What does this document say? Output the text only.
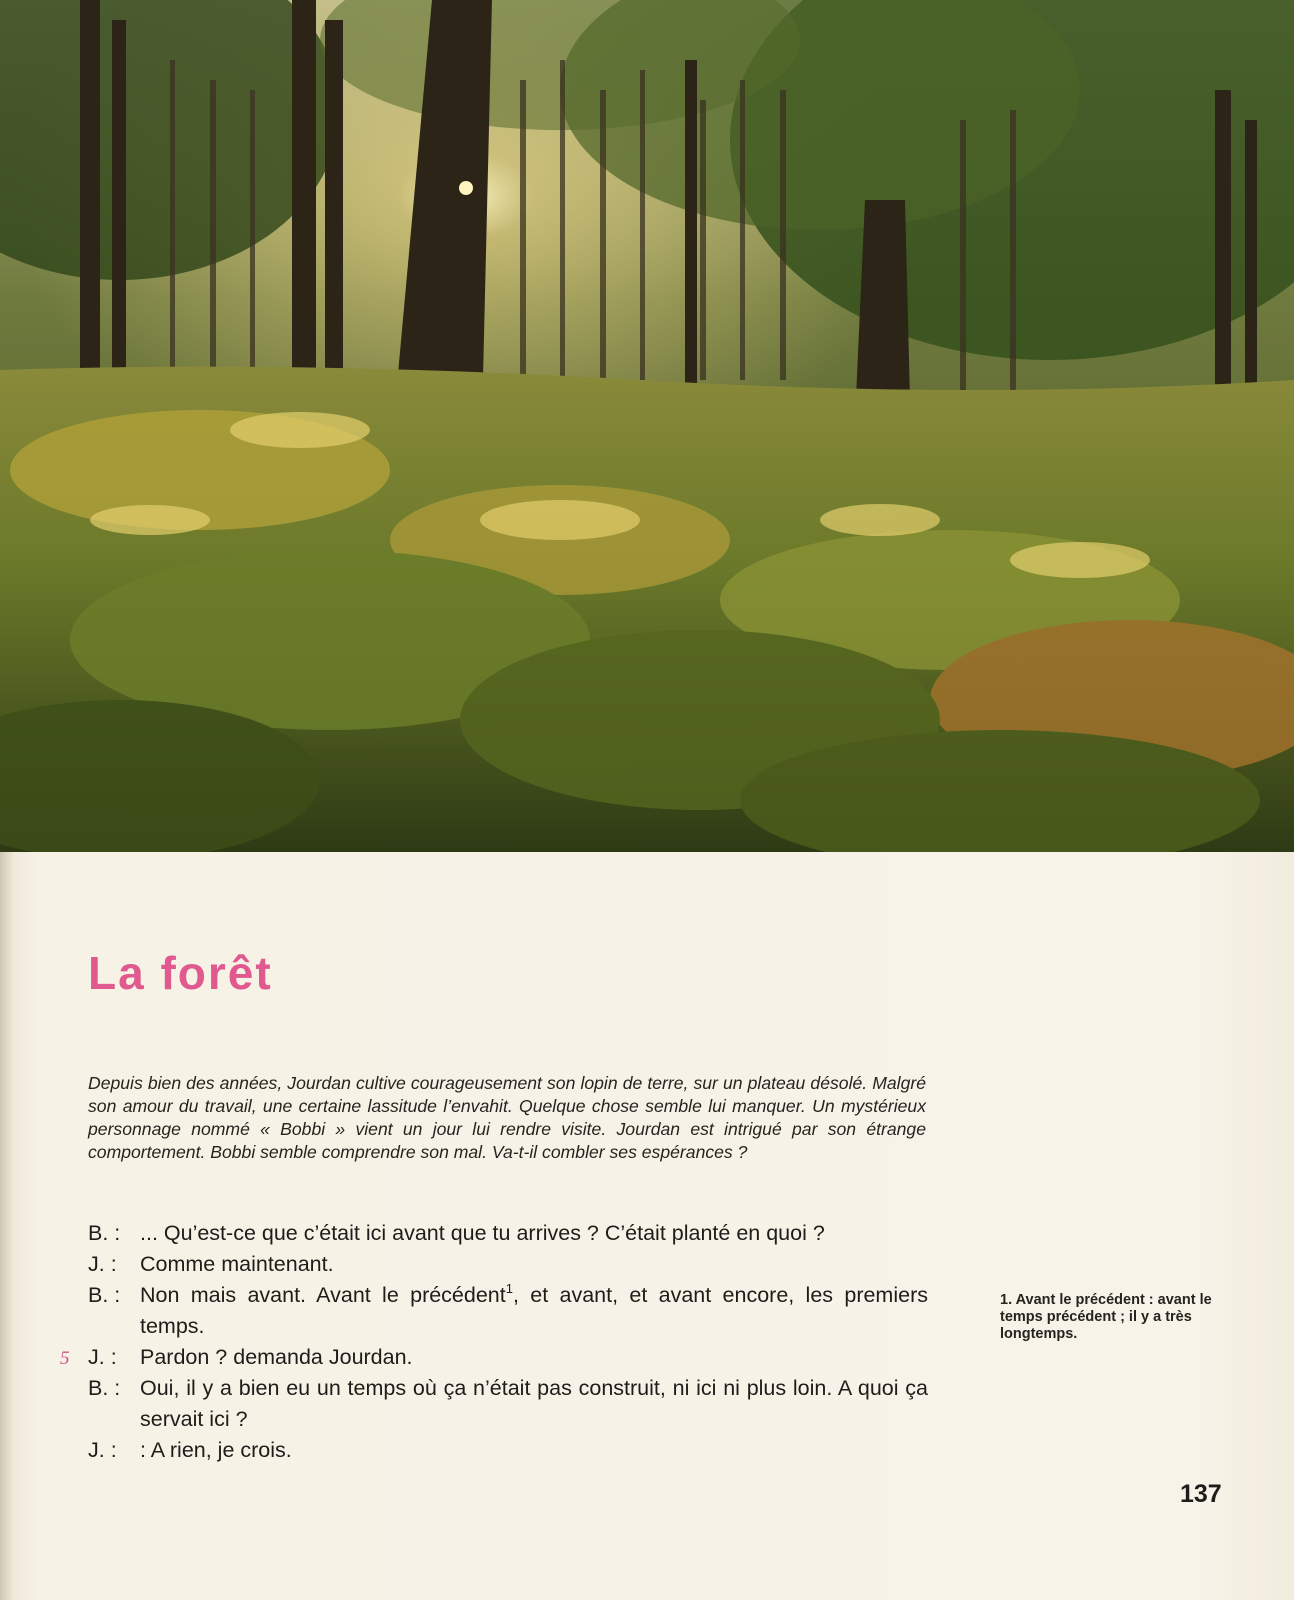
La forêt

Depuis bien des années, Jourdan cultive courageusement son lopin de terre, sur un plateau désolé. Malgré son amour du travail, une certaine lassitude l’envahit. Quelque chose semble lui manquer. Un mystérieux personnage nommé « Bobbi » vient un jour lui rendre visite. Jourdan est intrigué par son étrange comportement. Bobbi semble comprendre son mal. Va-t-il combler ses espérances ?

B. : ... Qu’est-ce que c’était ici avant que tu arrives ? C’était planté en quoi ?
J. :	Comme maintenant.
B. : Non mais avant. Avant le précédent$^1$, et avant, et avant encore, les premiers temps.
5 J. :	Pardon ? demanda Jourdan.
B. : Oui, il y a bien eu un temps où ça n’était pas construit, ni ici ni plus loin. A quoi ça servait ici ?
J. :	: A rien, je crois.

1. Avant le précédent : avant le temps précédent ; il y a très longtemps.

137
